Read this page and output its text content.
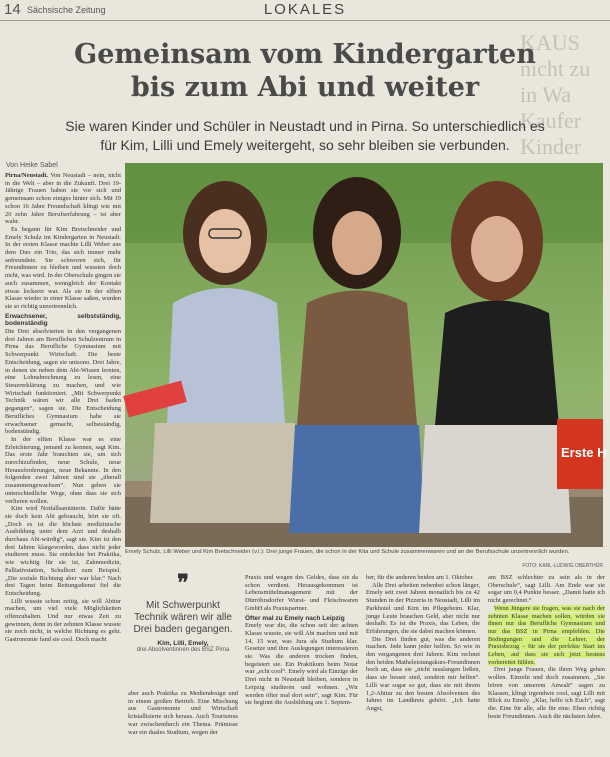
14 Sächsische Zeitung	LOKALES
KAUS
nicht zu
in Wa
Kaufer
Kinder
Gemeinsam vom Kindergarten
bis zum Abi und weiter
Sie waren Kinder und Schüler in Neustadt und in Pirna. So unterschiedlich es
für Kim, Lilli und Emely weitergeht, so sehr bleiben sie verbunden.
Von Heike Sabel

Pirna/Neustadt. Von Neustadt – nein, nicht in die Welt – aber in die Zukunft. Drei 19-Jährige Frauen haben sie vor sich und gemeinsam schon einiges hinter sich. Mit 19 schon 16 Jahre Freundschaft klingt wie mit 20 zehn Jahre Berufserfahrung – ist aber wahr.

Es begann für Kim Bretschneider und Emely Schulz im Kindergarten in Neustadt. In der ersten Klasse machte Lilli Weber aus dem Duo ein Trio, das sich immer mehr anfreundete. Sie schworen sich, für Freundinnen zu bleiben und wussten doch nicht, was wird. In der Oberschule gingen sie auch zusammen, wenngleich der Kontakt etwas lockerer war. Als sie in der elften Klasse wieder in einer Klasse saßen, wurden sie so richtig unzertrennlich.

Erwachsener, selbstständig, bodenständig

Die Drei absolvierten in den vergangenen drei Jahren am Beruflichen Schulzentrum in Pirna das Berufliche Gymnasium mit Schwerpunkt Wirtschaft. Die beste Entscheidung, sagen sie unisono. Drei Jahre, in denen sie neben dem Abi-Wissen lernten, eine Lohnabrechnung zu lesen, eine Steuererklärung zu machen, und wie Wirtschaft funktioniert. „Mit Schwerpunkt Technik wären wir alle Drei baden gegangen“, sagen sie. Die Entscheidung Berufliches Gymnasium habe sie erwachsener gemacht, selbstständig, bodenständig.

In der elften Klasse war es eine Erleichterung, jemand zu kennen, sagt Kim. Das erste Jahr brauchten sie, um sich zurechtzufinden, neue Schule, neue Herausforderungen, neue Bekannte. In den folgenden zwei Jahren sind sie „überall zusammengewachsen“. Nun gehen sie unterschiedliche Wege, ohne dass sie sich verlieren wollen.

Kim wird Notfallsanitäterin. Dafür hätte sie doch kein Abi gebraucht, hört sie oft. „Doch es ist die höchste medizinische Ausbildung unter dem Arzt und deshalb durchaus Abi-würdig“, sagt sie. Kim ist den drei Jahren klargeworden, dass nicht jeder studieren muss. Sie entdeckte bei Praktika, wie wichtig für sie ist, Zahnmedizin, Palliativstation, Schulhort zum Beispiel. „Die soziale Richtung aber war klar.“ Nach drei Tagen beim Rettungsdienst fiel die Entscheidung.

Lilli wusste schon zeitig, sie will Abitur machen, um viel viele Möglichkeiten offenzuhalten. Und nur etwas Zeit zu gewinnen, denn in der zehnten Klasse wusste sie noch nicht, in welche Richtung es geht. Gastronomie fand sie cool. Doch macht

Erste H
Emely Schulz, Lilli Weber und Kim Bretschneider (v.l.): Drei junge Frauen, die schon in der Kita und Schule zusammenwaren und an der Berufsschule unzertrennlich wurden.
FOTO: KARL-LUDWIG OBERTHÜR
❞
Mit Schwerpunkt Technik wären wir alle Drei baden gegangen.
Kim, Lilli, Emely,
drei Absolventinnen des BSZ Pirna

aber auch Praktika zu Mediendesign und in einem großen Betrieb. Eine Mischung aus Gastronomie und Wirtschaft kristallisierte sich heraus. Auch Tourismus war zwischendurch ein Thema. Prämisse war ein duales Studium, wegen der

Praxis und wegen des Geldes, dass sie da schon verdient. Herausgekommen ist Lebensmittelmanagement mit der Dürröhrsdorfer Wurst- und Fleischwaren GmbH als Praxispartner.

Öfter mal zu Emely nach Leipzig

Emely war die, die schon seit der achten Klasse wusste, sie will Abi machen und mit 14, 15 war, was Jura als Studium klar. Gesetze und ihre Auslegungen interessieren sie. Was die anderen trocken finden, begeistert sie. Ein Praktikum beim Notar war „echt cool“. Emely wird als Einzige der Drei nicht in Neustadt bleiben, sondern in Leipzig studieren und wohnen. „Wir werden öfter mal dort sein“, sagt Kim. Für sie beginnt die Ausbildung am 1. Septem-

ber, für die anderen beiden am 1. Oktober.

Alle Drei arbeiten nebenbei schon länger, Emely seit zwei Jahren monatlich bis zu 42 Stunden in der Pizzeria in Neustadt, Lilli im Parkhotel und Kim im Pflegeheim. Klar, junge Leute brauchen Geld, aber nicht nur deshalb. Es ist die Praxis, das Leben, die Erfahrungen, die sie dabei machen können.

Die Drei finden gut, was die anderen machen. Jede kann jeder helfen. So wie in den vergangenen drei Jahren. Kim rechnet den beiden Matheleistungskurs-Freundinnen hoch an, dass sie „nicht rauslangen ließen, dass sie besser sind, sondern mir helfen“. Lilli war sogar so gut, dass sie mit ihrem 1,2-Abitur zu den besten Absolventen des Jahres im Landkreis gehört. „Ich hatte Angst,

am BSZ schlechter zu sein als in der Oberschule“, sagt Lilli. Am Ende war sie sogar um 0,4 Punkte besser. „Damit hatte ich nicht gerechnet.“

Wenn Jüngere sie fragen, was sie nach der zehnten Klasse machen sollen, würden sie ihnen nur das Berufliche Gymnasium und nur das BSZ in Pirna empfehlen. Die Bedingungen und die Lehrer, der Praxisbezug – für sie der perfekte Start ins Leben, auf dass sie sich jetzt bestens vorbereitet fühlen.

Drei junge Frauen, die ihren Weg gehen wollen. Einzeln und doch zusammen. „Sie hören von unserem Anwalt“ sagen zu Klassen, klingt irgendwie cool, sagt Lilli mit Blick zu Emely. „Klar, helfe ich Euch“, sagt die. Eine für alle, alle für eine. Eben richtig beste Freundinnen. Auch die nächsten Jahre.
